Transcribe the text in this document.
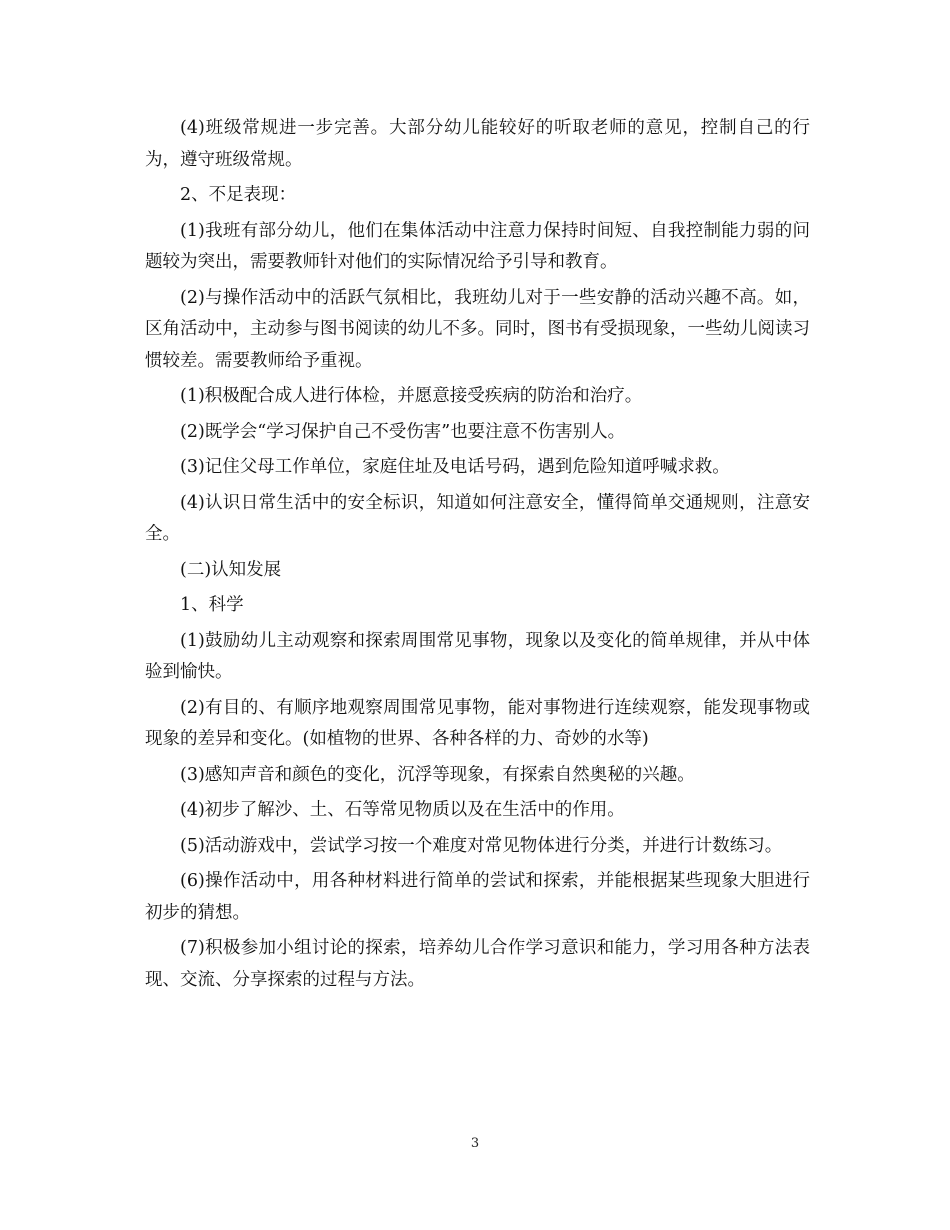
(4)班级常规进一步完善。大部分幼儿能较好的听取老师的意见，控制自己的行为，遵守班级常规。

2、不足表现：

(1)我班有部分幼儿，他们在集体活动中注意力保持时间短、自我控制能力弱的问题较为突出，需要教师针对他们的实际情况给予引导和教育。

(2)与操作活动中的活跃气氛相比，我班幼儿对于一些安静的活动兴趣不高。如，区角活动中，主动参与图书阅读的幼儿不多。同时，图书有受损现象，一些幼儿阅读习惯较差。需要教师给予重视。

(1)积极配合成人进行体检，并愿意接受疾病的防治和治疗。

(2)既学会“学习保护自己不受伤害”也要注意不伤害别人。

(3)记住父母工作单位，家庭住址及电话号码，遇到危险知道呼喊求救。

(4)认识日常生活中的安全标识，知道如何注意安全，懂得简单交通规则，注意安全。

(二)认知发展

1、科学

(1)鼓励幼儿主动观察和探索周围常见事物，现象以及变化的简单规律，并从中体验到愉快。

(2)有目的、有顺序地观察周围常见事物，能对事物进行连续观察，能发现事物或现象的差异和变化。(如植物的世界、各种各样的力、奇妙的水等)

(3)感知声音和颜色的变化，沉浮等现象，有探索自然奥秘的兴趣。

(4)初步了解沙、土、石等常见物质以及在生活中的作用。

(5)活动游戏中，尝试学习按一个难度对常见物体进行分类，并进行计数练习。

(6)操作活动中，用各种材料进行简单的尝试和探索，并能根据某些现象大胆进行初步的猜想。

(7)积极参加小组讨论的探索，培养幼儿合作学习意识和能力，学习用各种方法表现、交流、分享探索的过程与方法。

3
